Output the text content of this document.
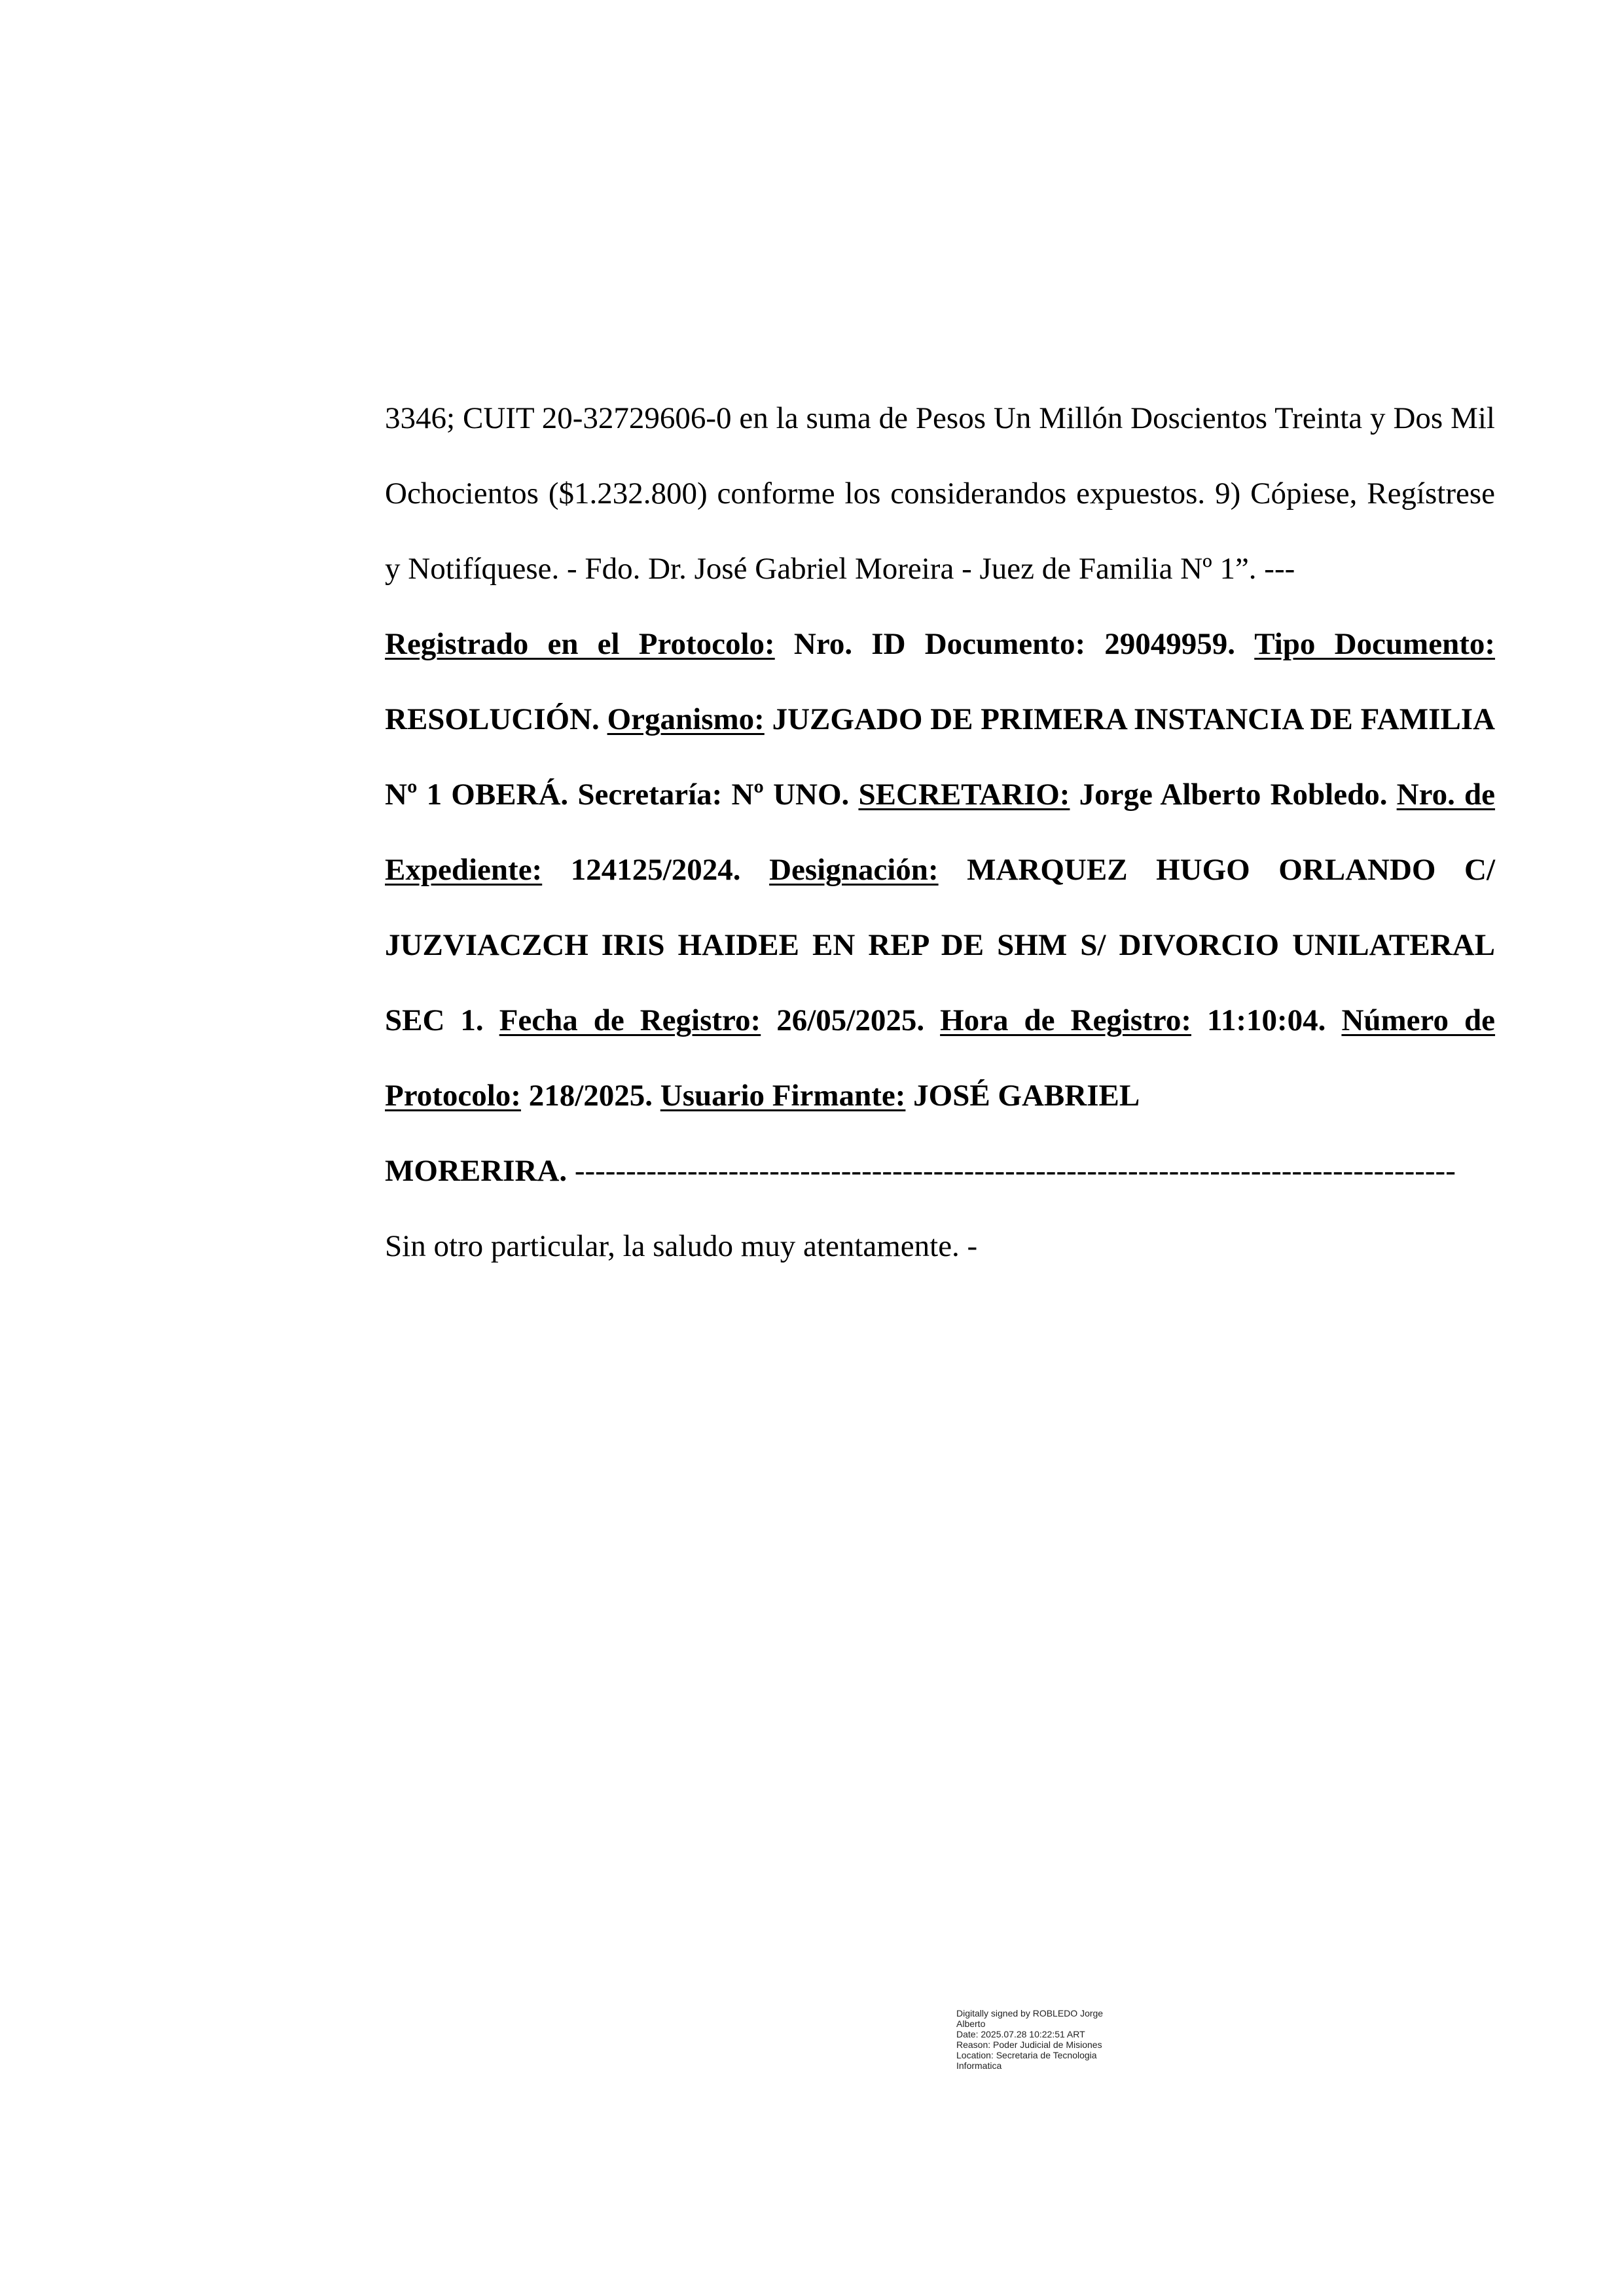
3346; CUIT 20-32729606-0 en la suma de Pesos Un Millón Doscientos Treinta y Dos Mil Ochocientos ($1.232.800) conforme los considerandos expuestos. 9) Cópiese, Regístrese y Notifíquese. - Fdo. Dr. José Gabriel Moreira - Juez de Familia Nº 1”. ---

Registrado en el Protocolo: Nro. ID Documento: 29049959. Tipo Documento: RESOLUCIÓN. Organismo: JUZGADO DE PRIMERA INSTANCIA DE FAMILIA Nº 1 OBERÁ. Secretaría: Nº UNO. SECRETARIO: Jorge Alberto Robledo. Nro. de Expediente: 124125/2024. Designación: MARQUEZ HUGO ORLANDO C/ JUZVIACZCH IRIS HAIDEE EN REP DE SHM S/ DIVORCIO UNILATERAL SEC 1. Fecha de Registro: 26/05/2025. Hora de Registro: 11:10:04. Número de Protocolo: 218/2025. Usuario Firmante: JOSÉ GABRIEL

MORERIRA. --------------------------------------------------------------------------------------

Sin otro particular, la saludo muy atentamente. -

Digitally signed by ROBLEDO Jorge
Alberto
Date: 2025.07.28 10:22:51 ART
Reason: Poder Judicial de Misiones
Location: Secretaria de Tecnologia
Informatica
